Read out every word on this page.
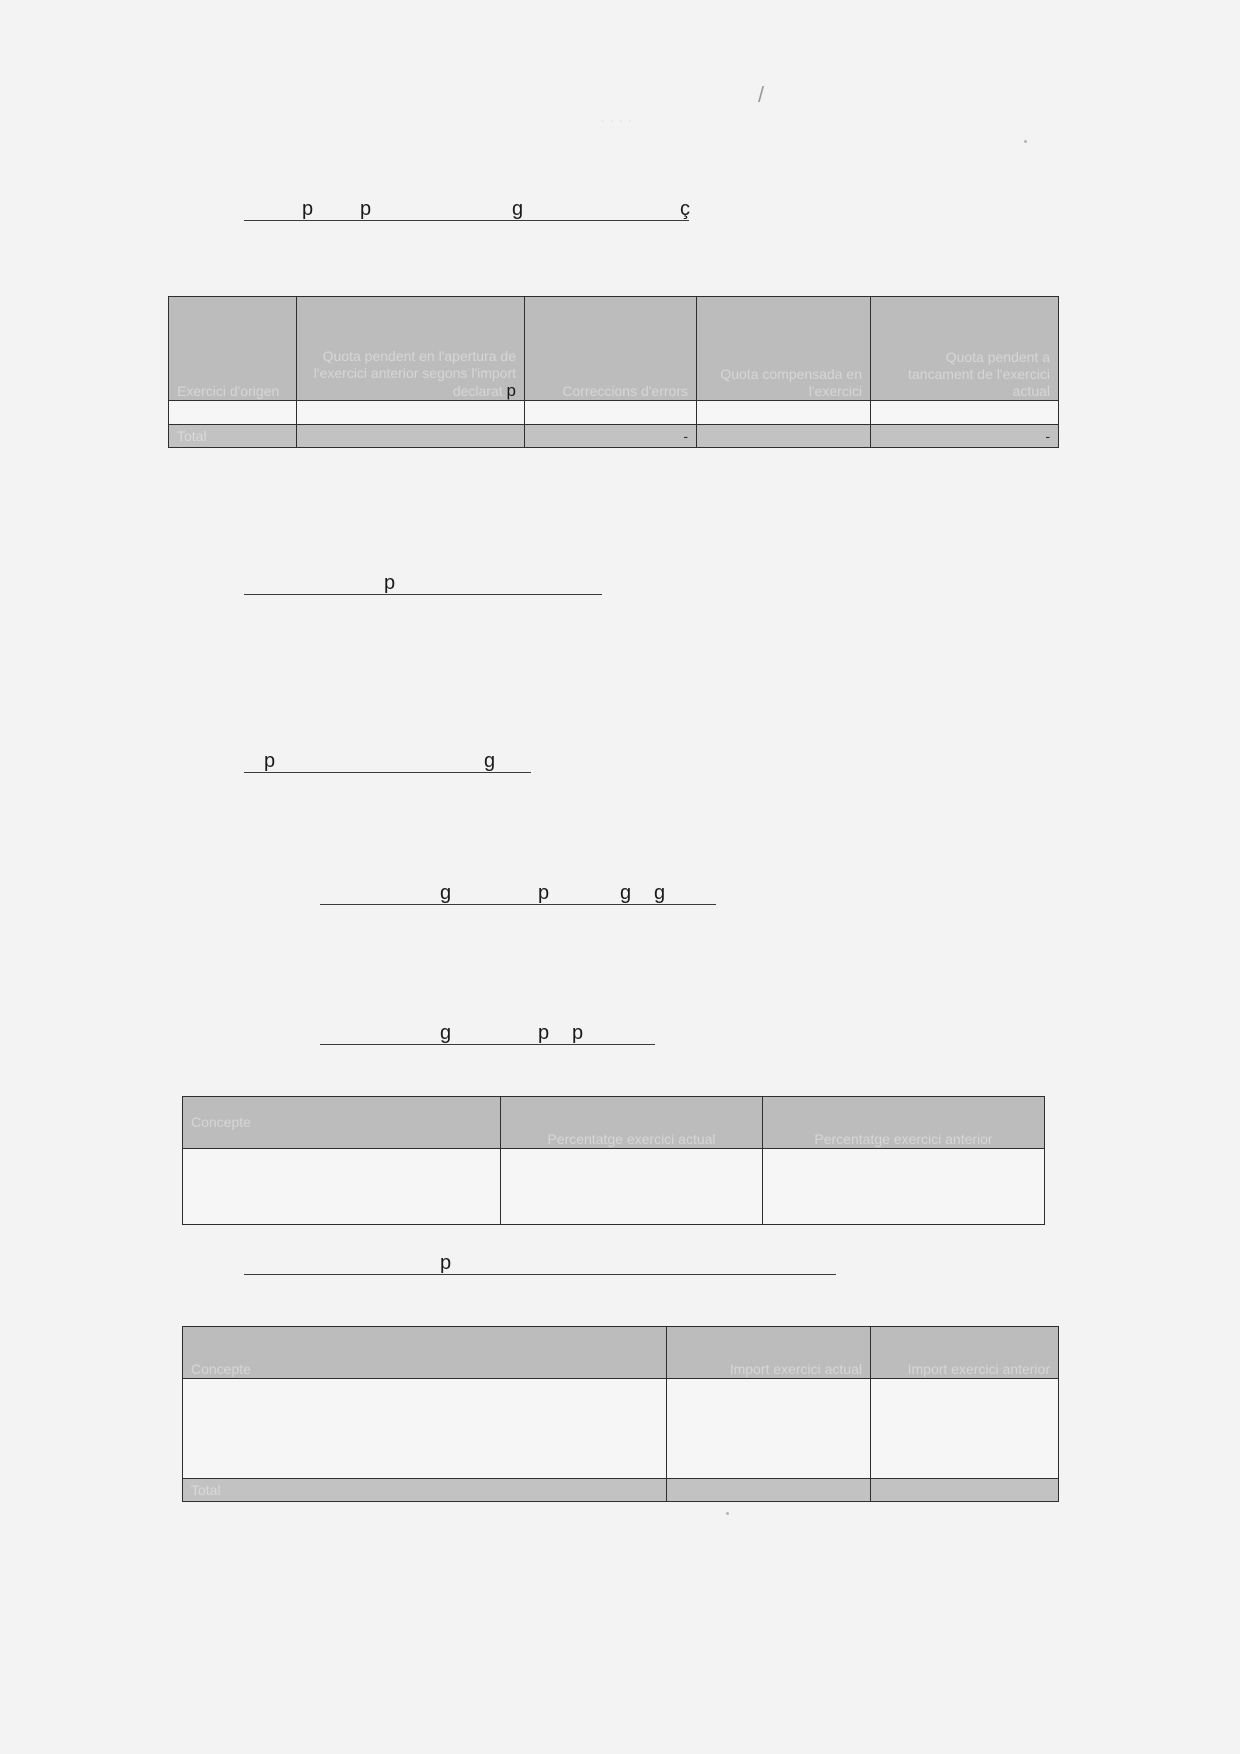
/
· · · ·
p p	g	ç
Exercici d'origen	Quota pendent en l'apertura de l'exercici anterior segons l'import declarat p	Correccions d'errors	Quota compensada en l'exercici	Quota pendent a tancament de l'exercici actual

Total		-		-
p
p	g
g	p	g g
g	p p
Concepte	Percentatge exercici actual	Percentatge exercici anterior

p
Concepte	Import exercici actual	Import exercici anterior

Total		
